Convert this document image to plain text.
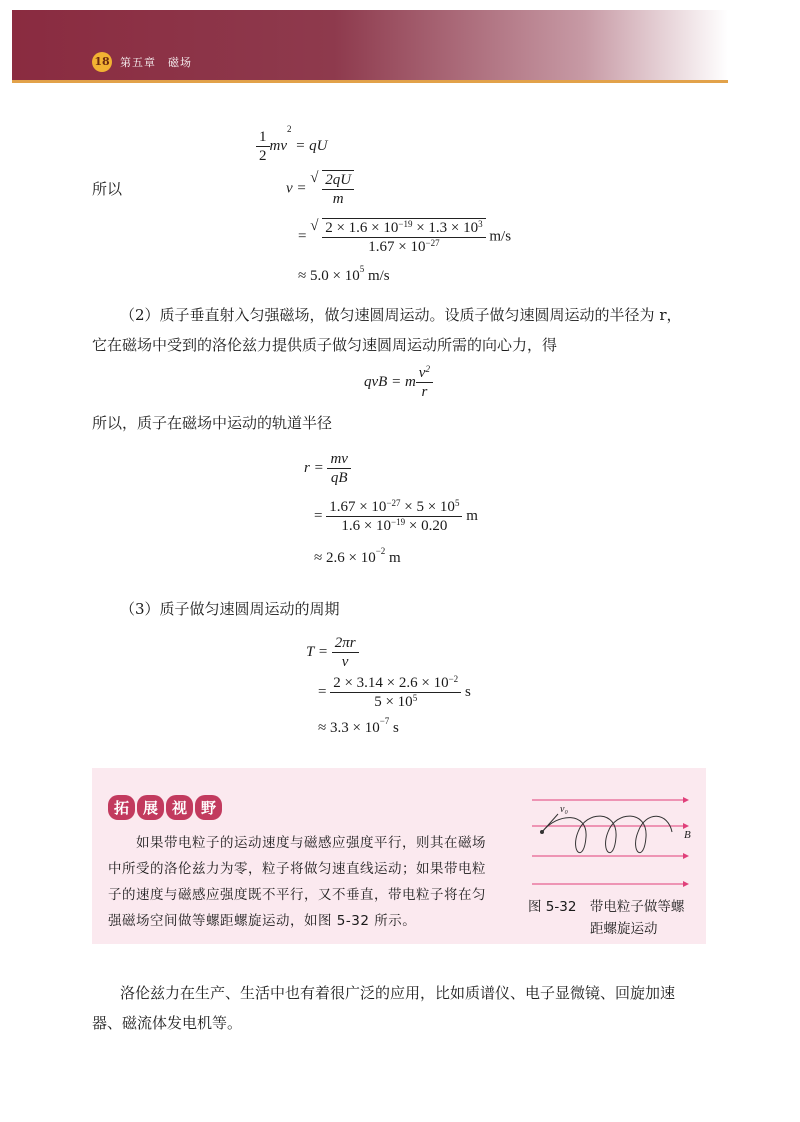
18 第五章　磁场
$\frac{1}{2} mv^2$ = qU
所以	v =
√ $\frac{2qU}{m}$
=
√ $\frac{2 \times 1.6 \times 10^{-19} \times 1.3 \times 10^3}{1.67 \times 10^{-27}} m/s$
≈ $5.0 \times 10^5$ m/s
（2）质子垂直射入匀强磁场，做匀速圆周运动。设质子做匀速圆周运动的半径为 r，
它在磁场中受到的洛伦兹力提供质子做匀速圆周运动所需的向心力，得
qvB = m $\frac{v^2}{r}$
所以，质子在磁场中运动的轨道半径
$r = \frac{mv}{qB}$
= $\frac{1.67 \times 10^{-27} \times 5 \times 10^5}{1.6 \times 10^{-19} \times 0.20}$ m
≈ $2.6 \times 10^{-2}$ m
（3）质子做匀速圆周运动的周期
$T = \frac{2\pi r}{v}$
= $\frac{2 \times 3.14 \times 2.6 \times 10^{-2}}{5 \times 10^5}$ s
≈ $3.3 \times 10^{-7}$ s
拓 展 视 野
如果带电粒子的运动速度与磁感应强度平行，则其在磁场
中所受的洛伦兹力为零，粒子将做匀速直线运动；如果带电粒
子的速度与磁感应强度既不平行，又不垂直，带电粒子将在匀
强磁场空间做等螺距螺旋运动，如图 5-32 所示。
v₀
B
图 5-32　带电粒子做等螺
距螺旋运动
洛伦兹力在生产、生活中也有着很广泛的应用，比如质谱仪、电子显微镜、回旋加速
器、磁流体发电机等。
